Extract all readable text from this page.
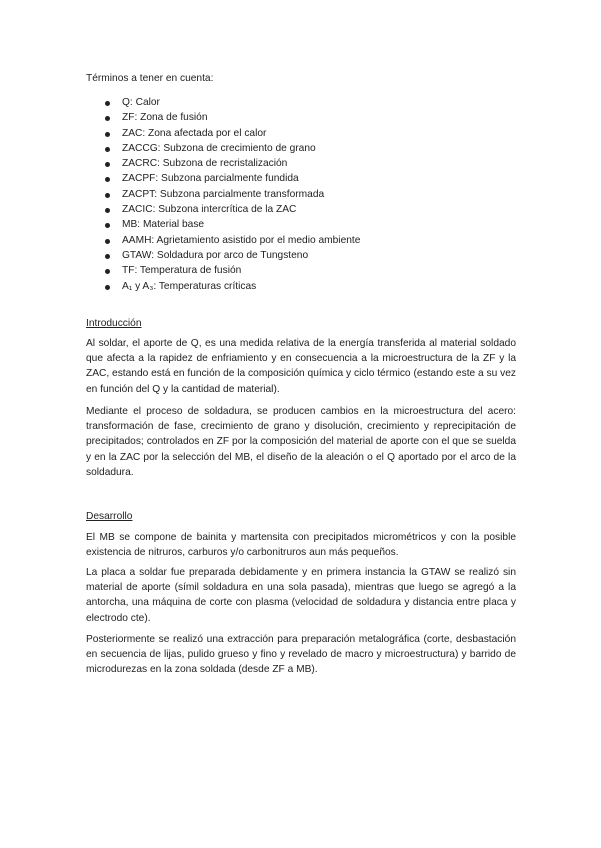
Términos a tener en cuenta:

Q: Calor
ZF: Zona de fusión
ZAC: Zona afectada por el calor
ZACCG: Subzona de crecimiento de grano
ZACRC: Subzona de recristalización
ZACPF: Subzona parcialmente fundida
ZACPT: Subzona parcialmente transformada
ZACIC: Subzona intercrítica de la ZAC
MB: Material base
AAMH: Agrietamiento asistido por el medio ambiente
GTAW: Soldadura por arco de Tungsteno
TF: Temperatura de fusión
A₁ y A₃: Temperaturas críticas
Introducción

Al soldar, el aporte de Q, es una medida relativa de la energía transferida al material soldado que afecta a la rapidez de enfriamiento y en consecuencia a la microestructura de la ZF y la ZAC, estando está en función de la composición química y ciclo térmico (estando este a su vez en función del Q y la cantidad de material).

Mediante el proceso de soldadura, se producen cambios en la microestructura del acero: transformación de fase, crecimiento de grano y disolución, crecimiento y reprecipitación de precipitados; controlados en ZF por la composición del material de aporte con el que se suelda y en la ZAC por la selección del MB, el diseño de la aleación o el Q aportado por el arco de la soldadura.

Desarrollo

El MB se compone de bainita y martensita con precipitados micrométricos y con la posible existencia de nitruros, carburos y/o carbonitruros aun más pequeños.

La placa a soldar fue preparada debidamente y en primera instancia la GTAW se realizó sin material de aporte (símil soldadura en una sola pasada), mientras que luego se agregó a la antorcha, una máquina de corte con plasma (velocidad de soldadura y distancia entre placa y electrodo cte).

Posteriormente se realizó una extracción para preparación metalográfica (corte, desbastación en secuencia de lijas, pulido grueso y fino y revelado de macro y microestructura) y barrido de microdurezas en la zona soldada (desde ZF a MB).
